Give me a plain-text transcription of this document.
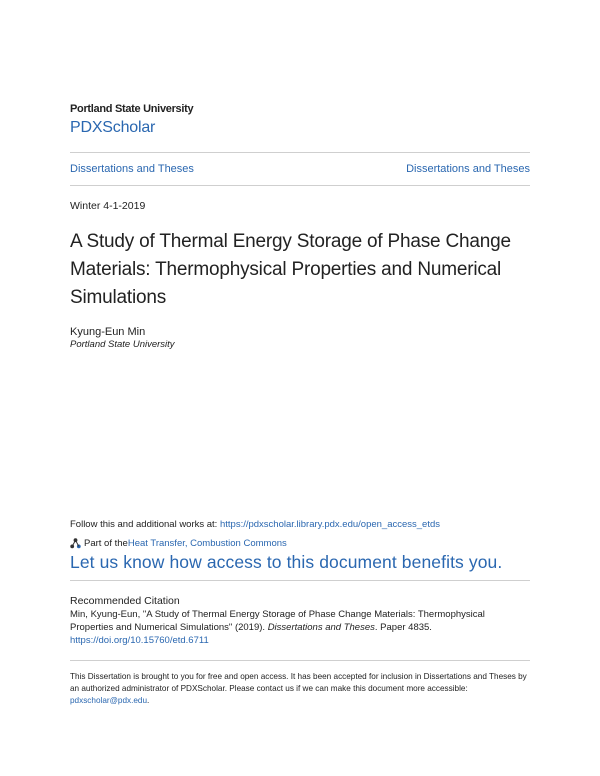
Portland State University
PDXScholar
Dissertations and Theses	Dissertations and Theses
Winter 4-1-2019
A Study of Thermal Energy Storage of Phase Change Materials: Thermophysical Properties and Numerical Simulations
Kyung-Eun Min
Portland State University
Follow this and additional works at: https://pdxscholar.library.pdx.edu/open_access_etds
Part of the Heat Transfer, Combustion Commons
Let us know how access to this document benefits you.
Recommended Citation
Min, Kyung-Eun, "A Study of Thermal Energy Storage of Phase Change Materials: Thermophysical Properties and Numerical Simulations" (2019). Dissertations and Theses. Paper 4835.
https://doi.org/10.15760/etd.6711
This Dissertation is brought to you for free and open access. It has been accepted for inclusion in Dissertations and Theses by an authorized administrator of PDXScholar. Please contact us if we can make this document more accessible: pdxscholar@pdx.edu.
